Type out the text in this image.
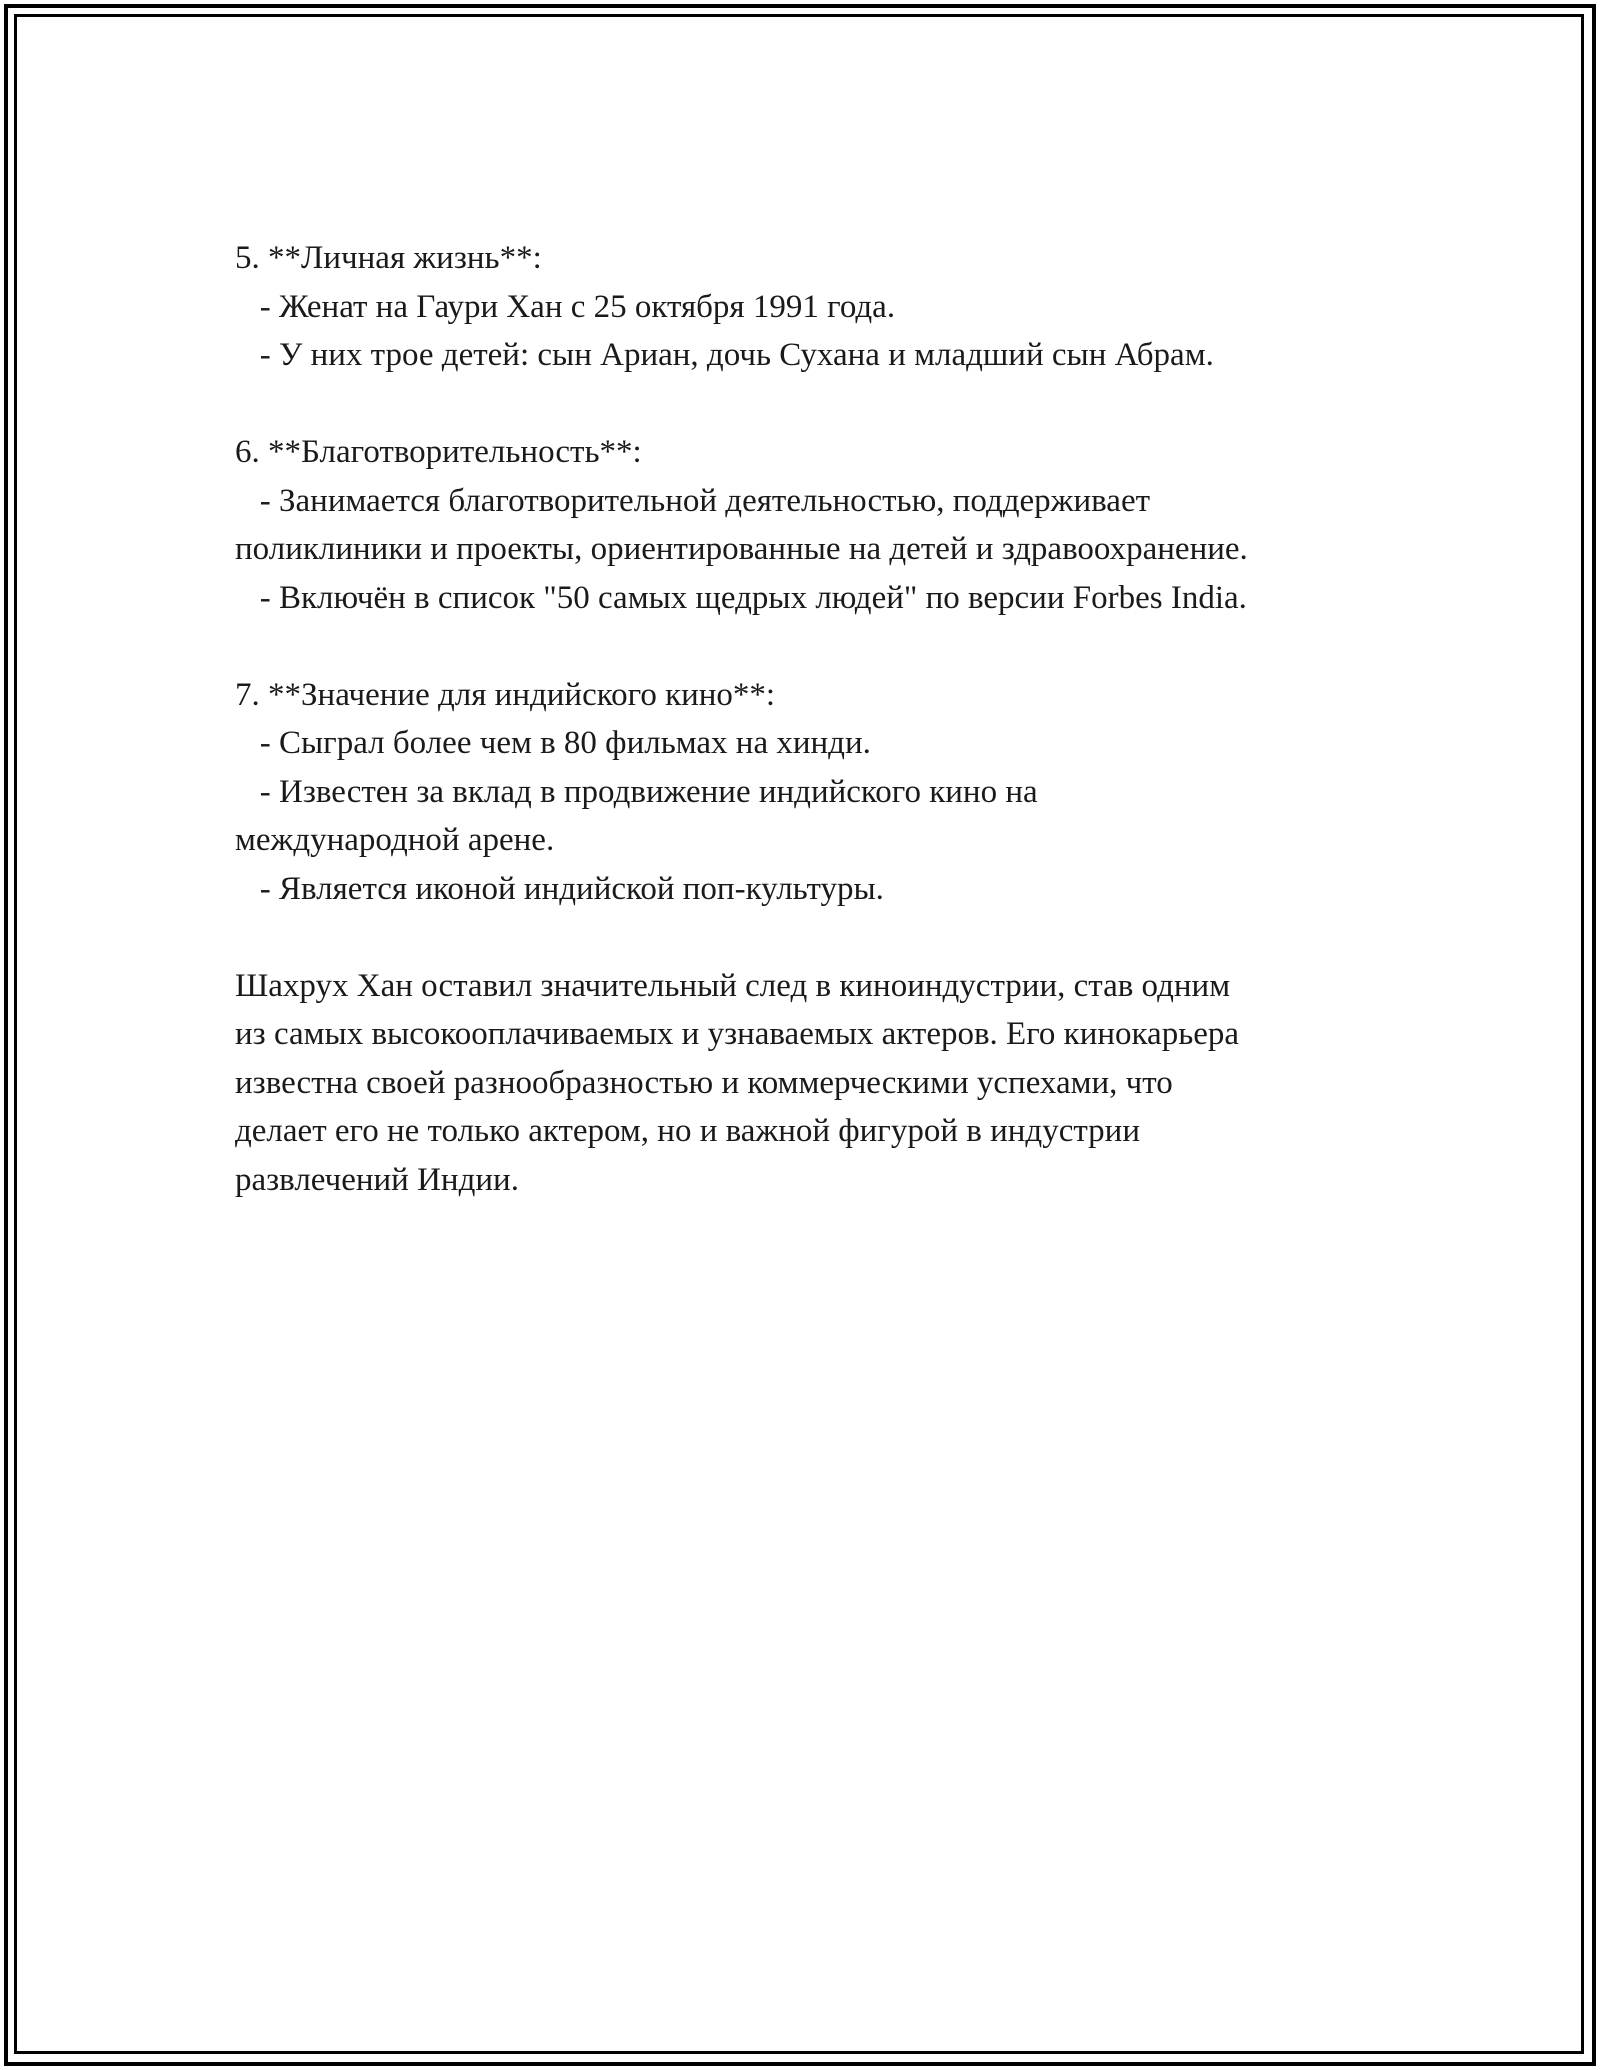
5. **Личная жизнь**:

- Женат на Гаури Хан с 25 октября 1991 года.

- У них трое детей: сын Ариан, дочь Сухана и младший сын Абрам.

6. **Благотворительность**:

- Занимается благотворительной деятельностью, поддерживает

поликлиники и проекты, ориентированные на детей и здравоохранение.

- Включён в список "50 самых щедрых людей" по версии Forbes India.

7. **Значение для индийского кино**:

- Сыграл более чем в 80 фильмах на хинди.

- Известен за вклад в продвижение индийского кино на

международной арене.

- Является иконой индийской поп-культуры.

Шахрух Хан оставил значительный след в киноиндустрии, став одним

из самых высокооплачиваемых и узнаваемых актеров. Его кинокарьера

известна своей разнообразностью и коммерческими успехами, что

делает его не только актером, но и важной фигурой в индустрии

развлечений Индии.
